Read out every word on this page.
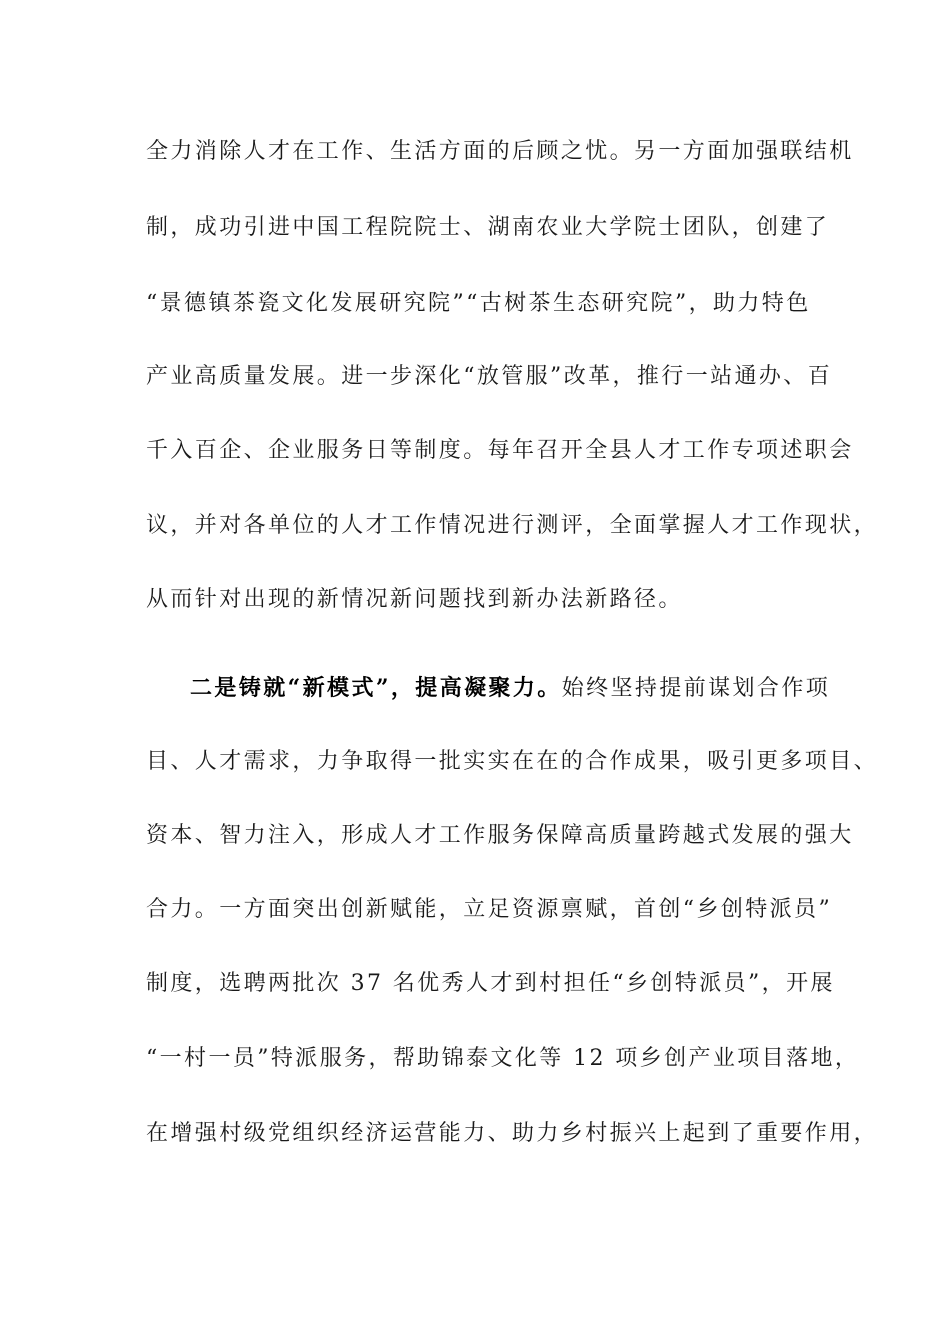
全力消除人才在工作、生活方面的后顾之忧。另一方面加强联结机
制，成功引进中国工程院院士、湖南农业大学院士团队，创建了
“景德镇茶瓷文化发展研究院”“古树茶生态研究院”，助力特色
产业高质量发展。进一步深化“放管服”改革，推行一站通办、百
千入百企、企业服务日等制度。每年召开全县人才工作专项述职会
议，并对各单位的人才工作情况进行测评，全面掌握人才工作现状，
从而针对出现的新情况新问题找到新办法新路径。
二是铸就“新模式”，提高凝聚力。始终坚持提前谋划合作项
目、人才需求，力争取得一批实实在在的合作成果，吸引更多项目、
资本、智力注入，形成人才工作服务保障高质量跨越式发展的强大
合力。一方面突出创新赋能，立足资源禀赋，首创“乡创特派员”
制度，选聘两批次 37 名优秀人才到村担任“乡创特派员”，开展
“一村一员”特派服务，帮助锦泰文化等 12 项乡创产业项目落地，
在增强村级党组织经济运营能力、助力乡村振兴上起到了重要作用，
